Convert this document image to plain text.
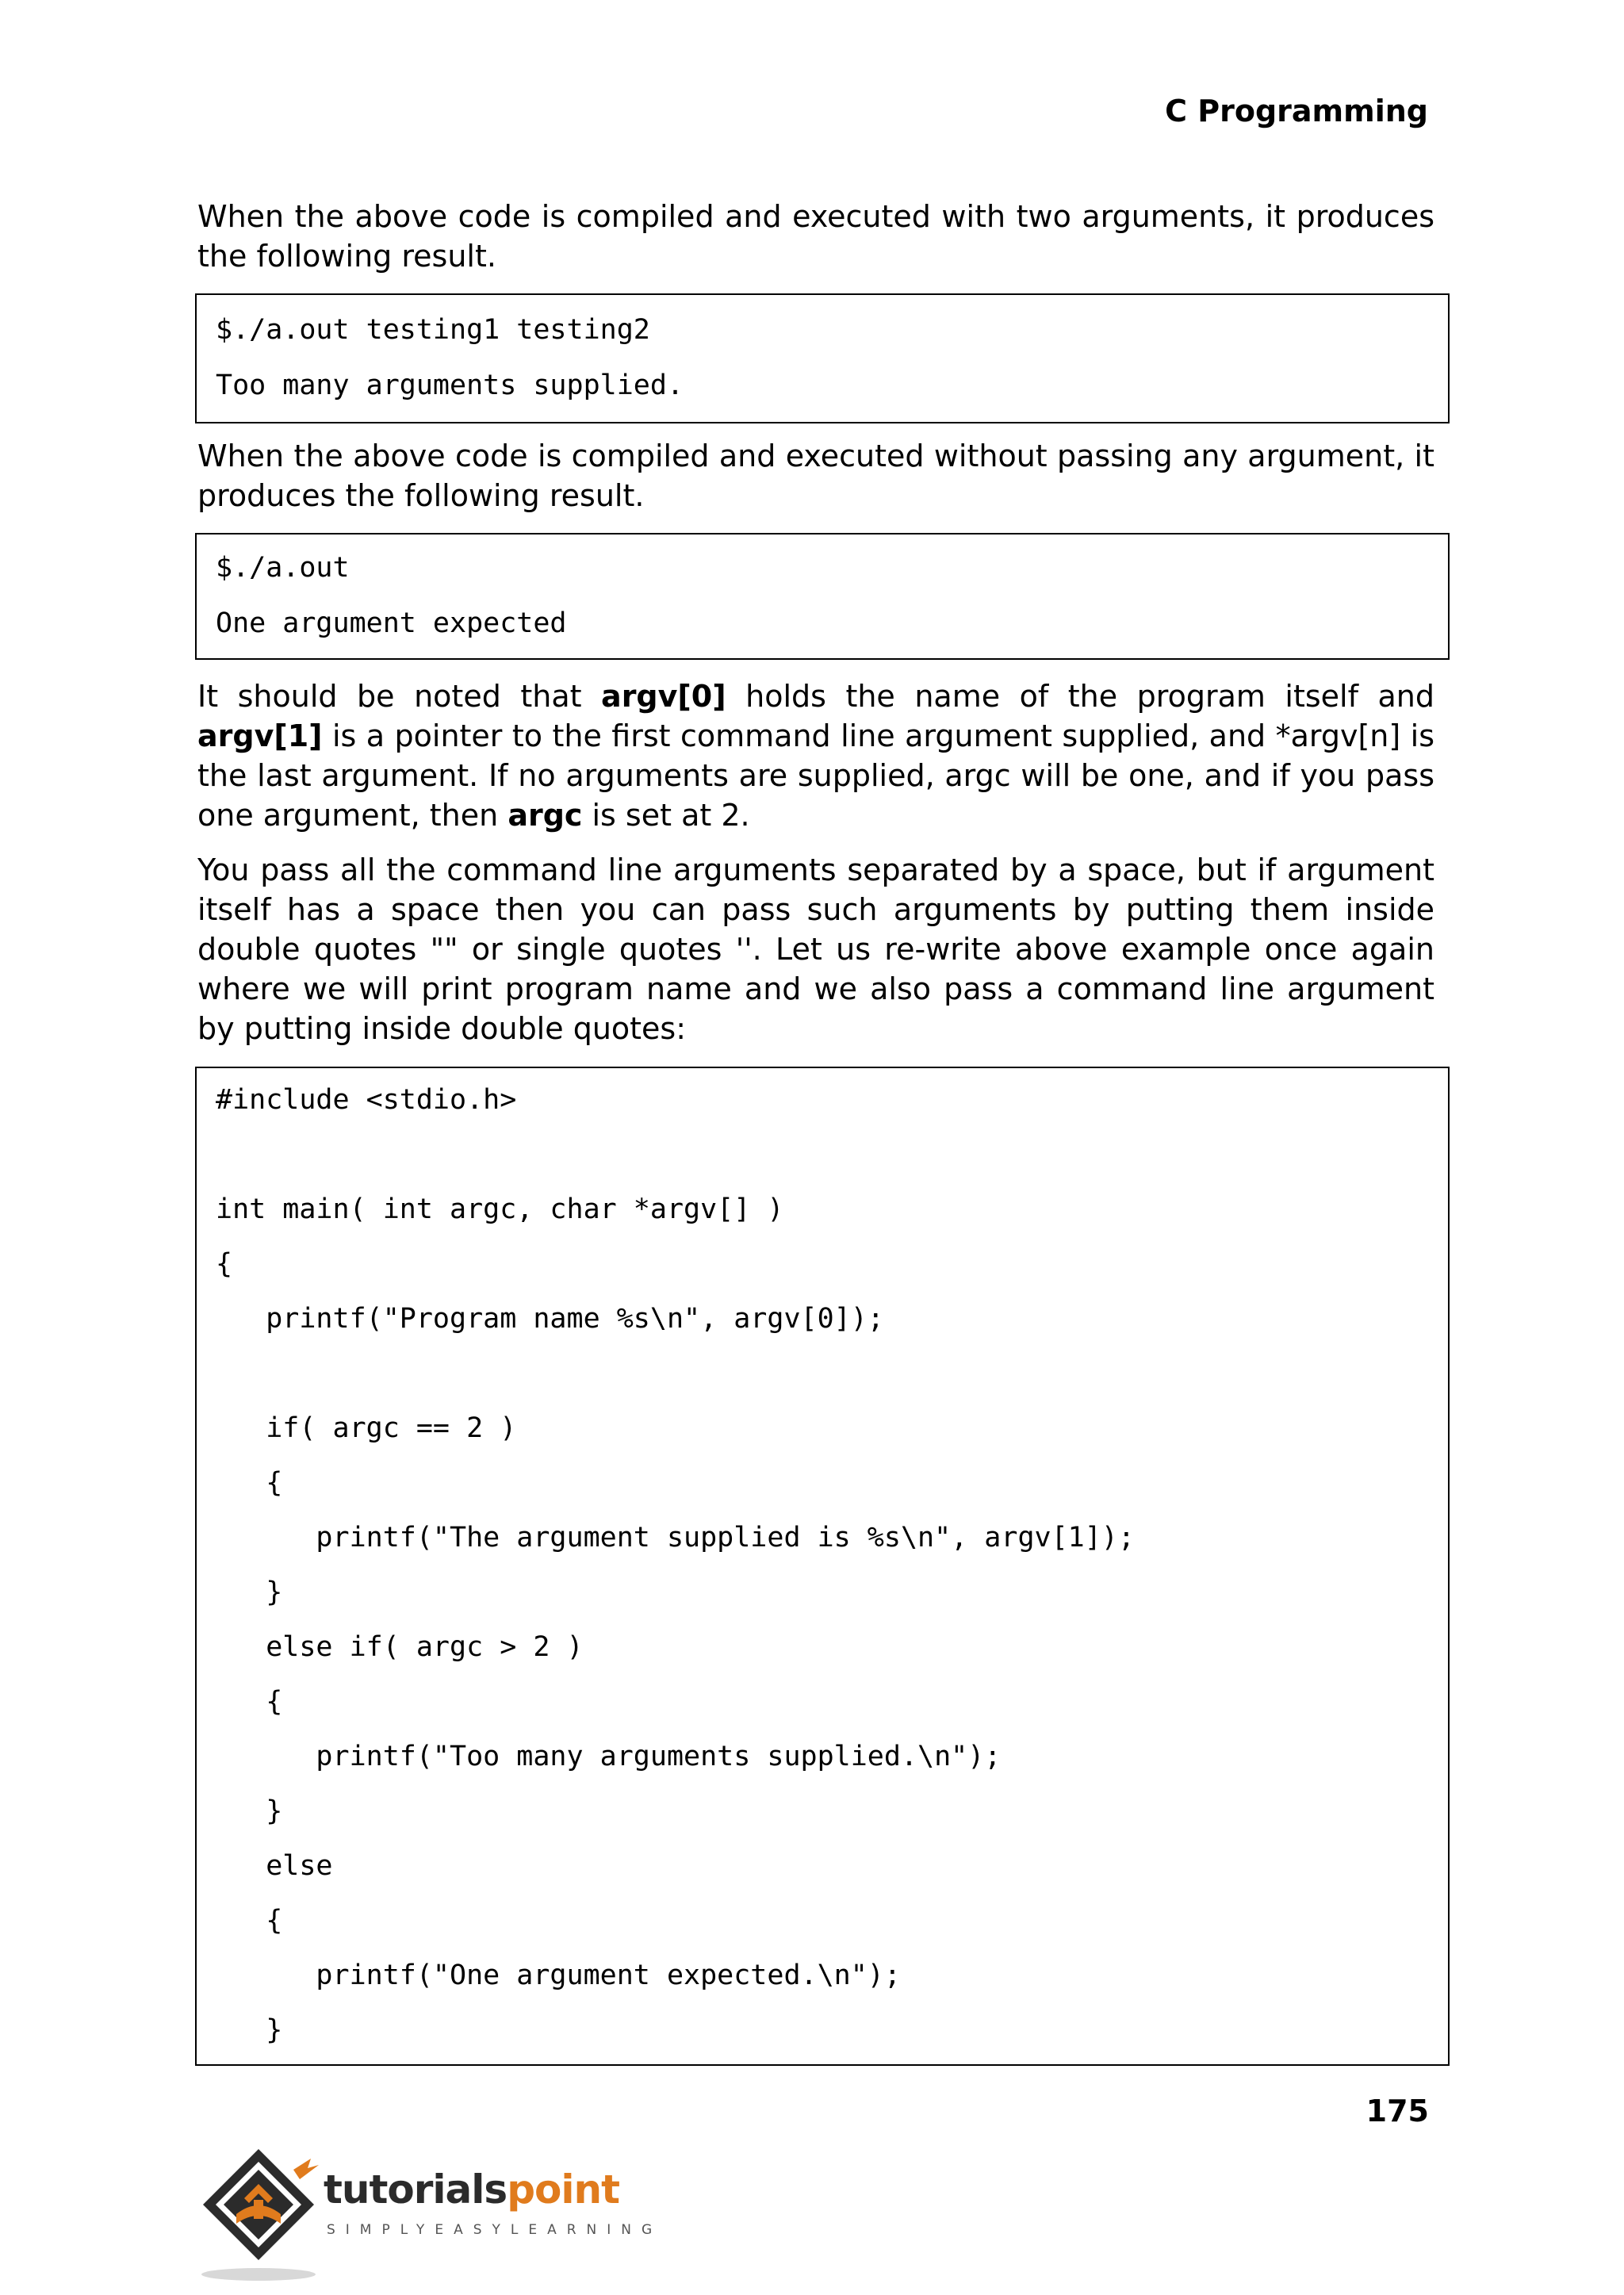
C Programming

When the above code is compiled and executed with two arguments, it produces the following result.

$./a.out testing1 testing2
Too many arguments supplied.

When the above code is compiled and executed without passing any argument, it produces the following result.

$./a.out
One argument expected

It should be noted that argv[0] holds the name of the program itself and argv[1] is a pointer to the first command line argument supplied, and *argv[n] is the last argument. If no arguments are supplied, argc will be one, and if you pass one argument, then argc is set at 2.

You pass all the command line arguments separated by a space, but if argument itself has a space then you can pass such arguments by putting them inside double quotes "" or single quotes ''. Let us re-write above example once again where we will print program name and we also pass a command line argument by putting inside double quotes:

#include <stdio.h>
int main( int argc, char *argv[] )
{
printf("Program name %s\n", argv[0]);
if( argc == 2 )
{
printf("The argument supplied is %s\n", argv[1]);
}
else if( argc > 2 )
{
printf("Too many arguments supplied.\n");
}
else
{
printf("One argument expected.\n");
}
175
tutorialspoint
SIMPLYEASYLEARNING
